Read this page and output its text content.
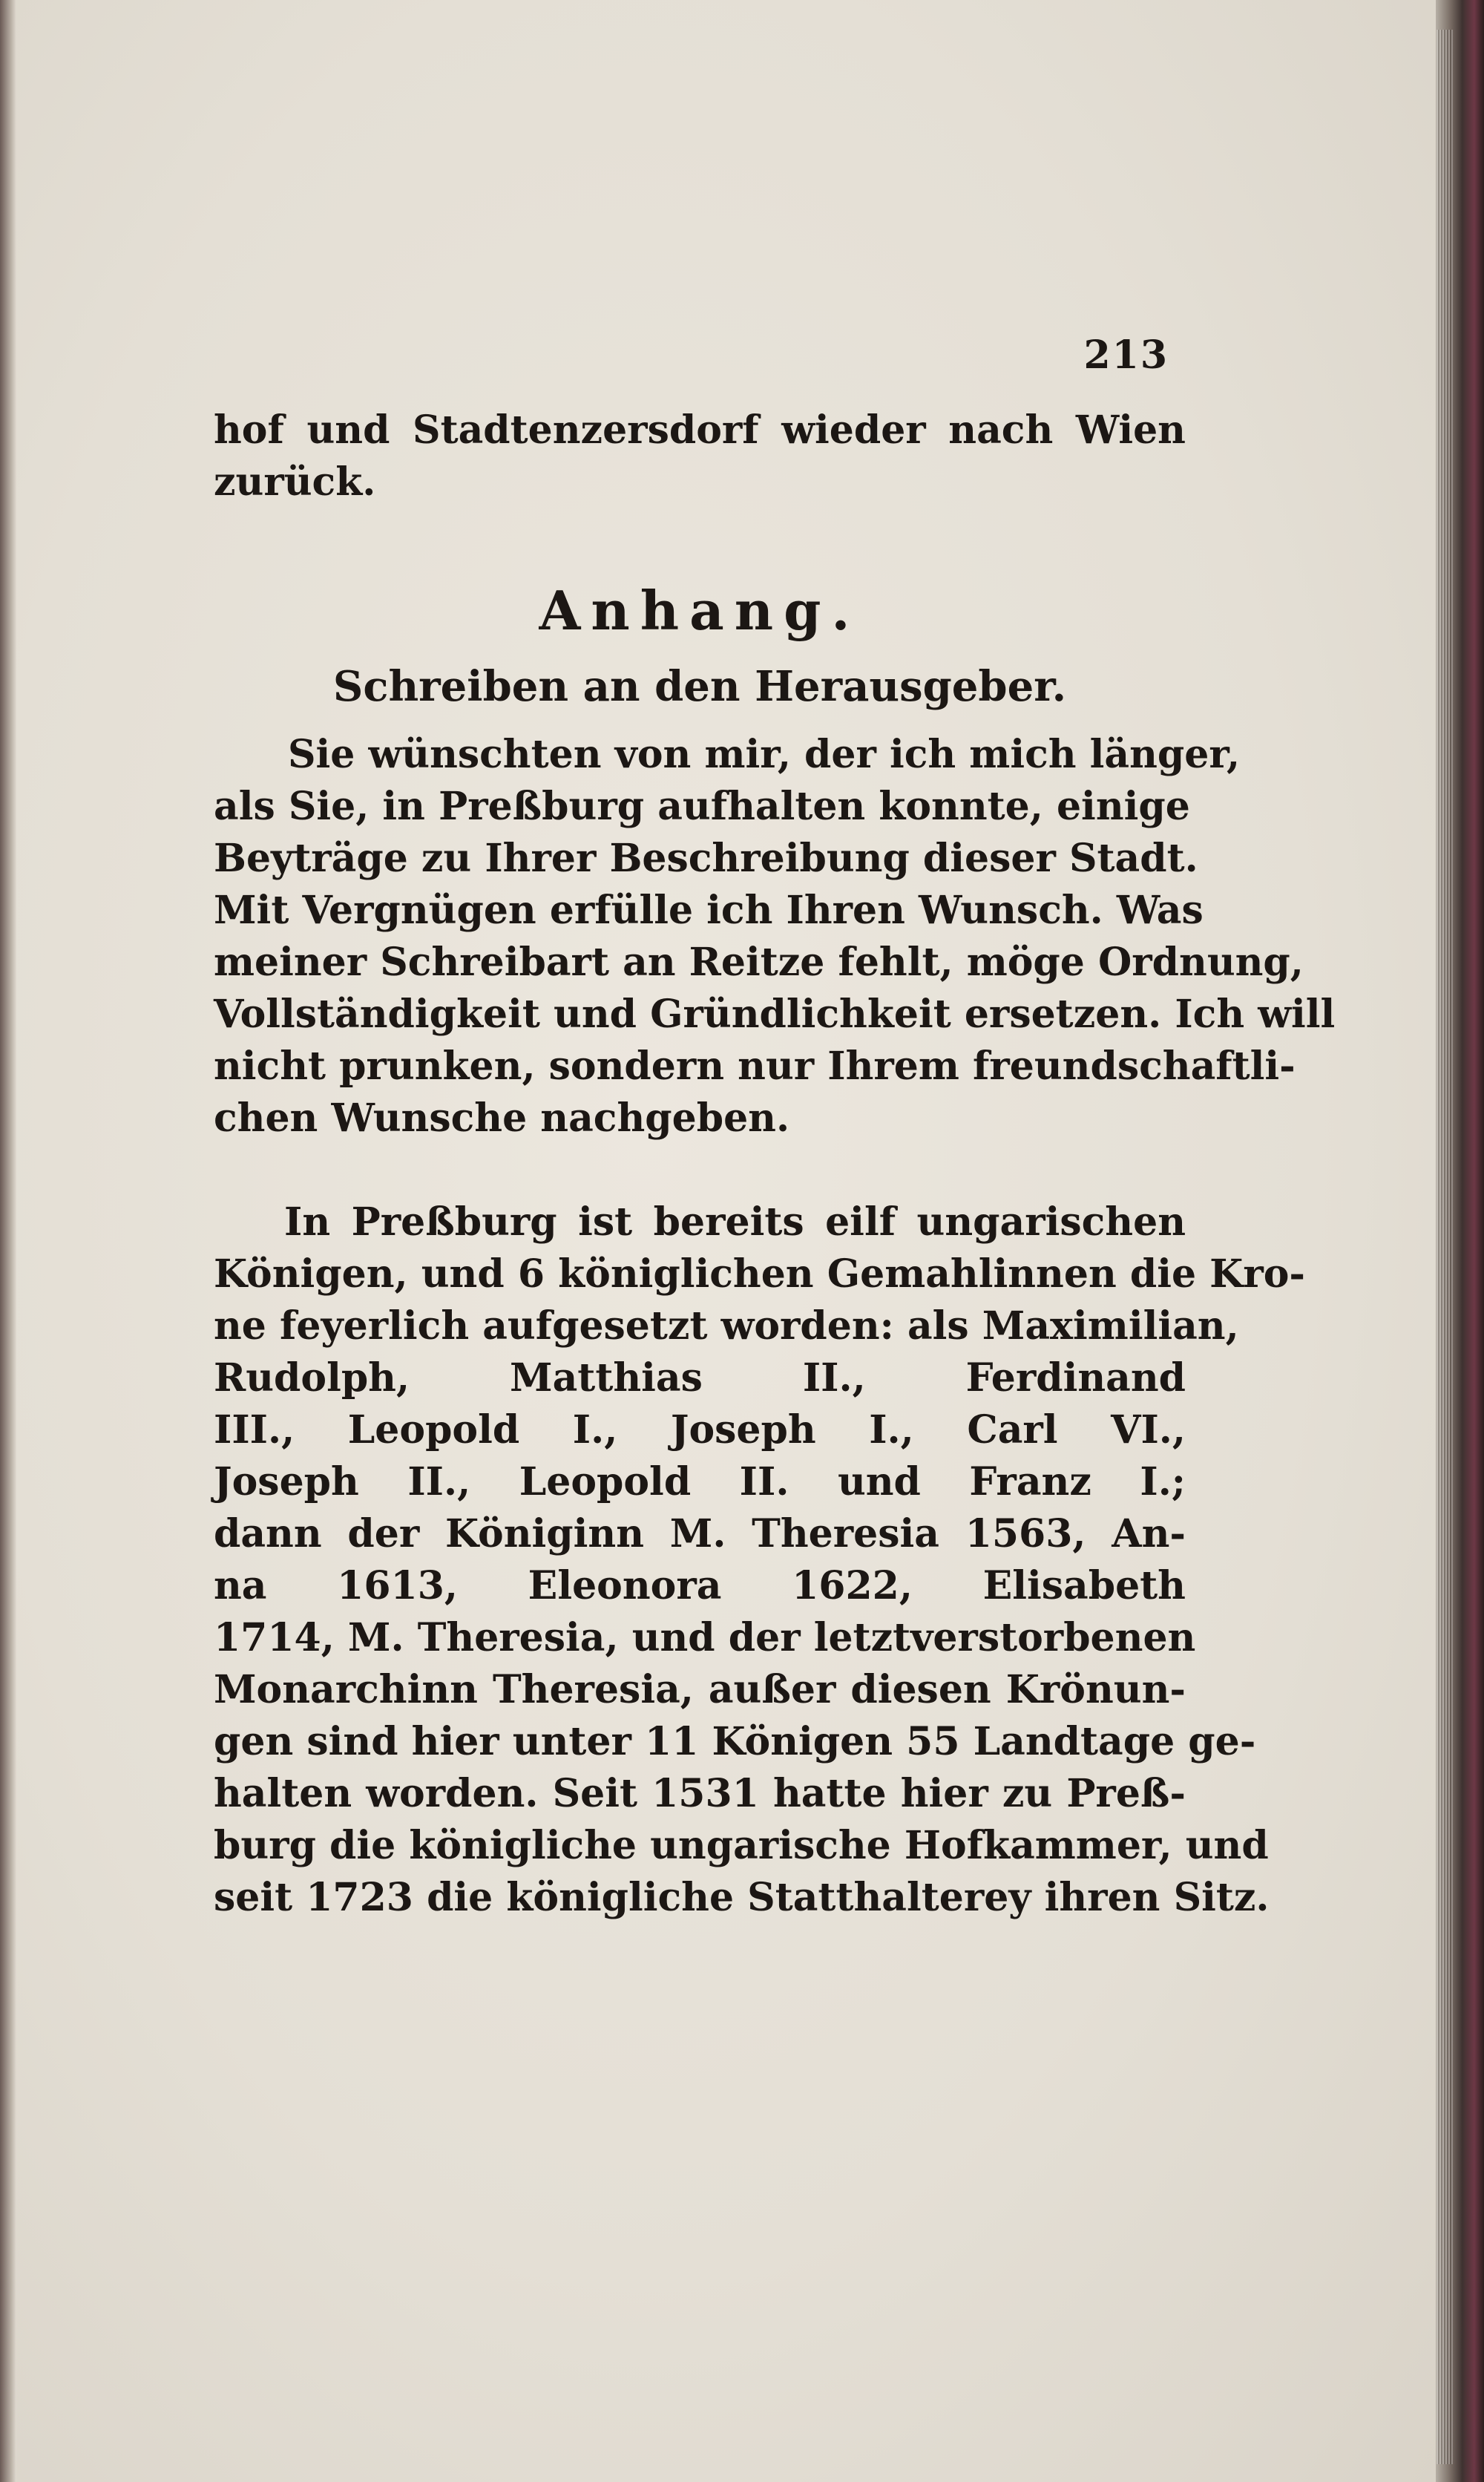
213
hof und Stadtenzersdorf wieder nach Wien
zurück.
Anhang.
Schreiben an den Herausgeber.
Sie wünschten von mir, der ich mich länger,
als Sie, in Preßburg aufhalten konnte, einige
Beyträge zu Ihrer Beschreibung dieser Stadt.
Mit Vergnügen erfülle ich Ihren Wunsch. Was
meiner Schreibart an Reitze fehlt, möge Ordnung,
Vollständigkeit und Gründlichkeit ersetzen. Ich will
nicht prunken, sondern nur Ihrem freundschaftli-
chen Wunsche nachgeben.
In Preßburg ist bereits eilf ungarischen
Königen, und 6 königlichen Gemahlinnen die Kro-
ne feyerlich aufgesetzt worden: als Maximilian,
Rudolph, Matthias II., Ferdinand
III., Leopold I., Joseph I., Carl VI.,
Joseph II., Leopold II. und Franz I.;
dann der Königinn M. Theresia 1563, An-
na 1613, Eleonora 1622, Elisabeth
1714, M. Theresia, und der letztverstorbenen
Monarchinn Theresia, außer diesen Krönun-
gen sind hier unter 11 Königen 55 Landtage ge-
halten worden. Seit 1531 hatte hier zu Preß-
burg die königliche ungarische Hofkammer, und
seit 1723 die königliche Statthalterey ihren Sitz.
